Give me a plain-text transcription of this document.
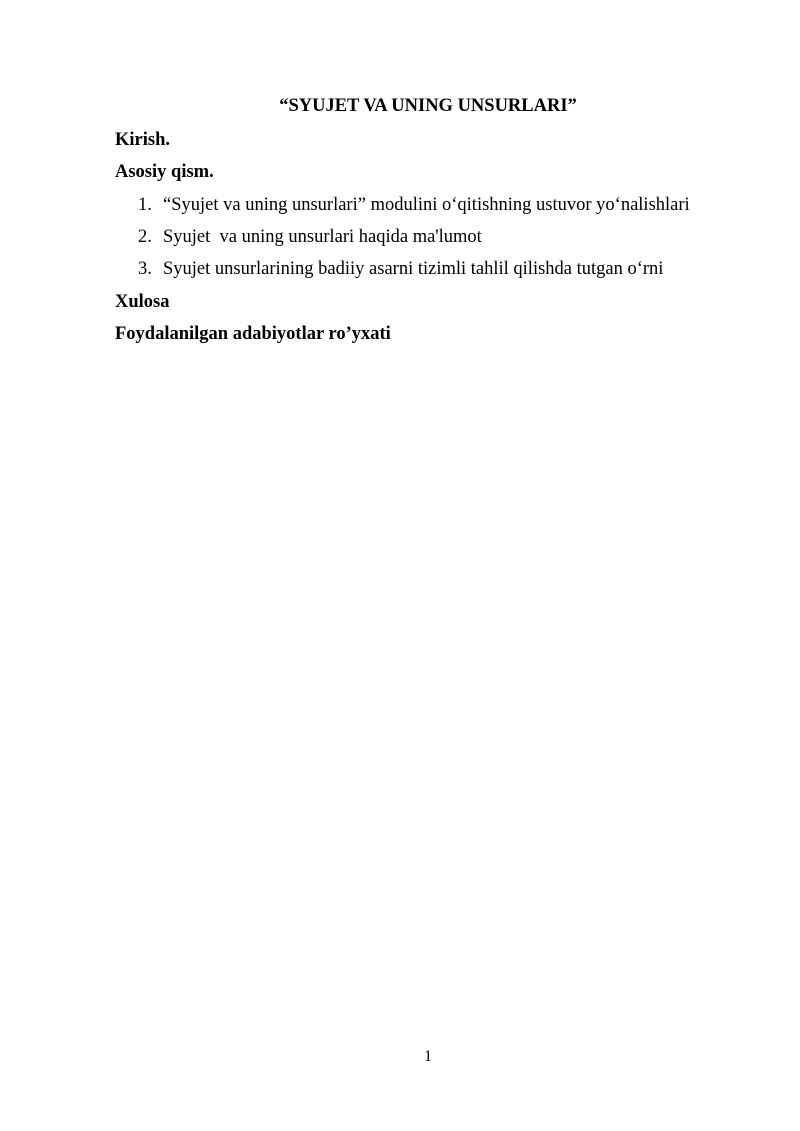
“SYUJET VA UNING UNSURLARI”
Kirish.
Asosiy qism.
1. “Syujet va uning unsurlari” modulini o‘qitishning ustuvor yo‘nalishlari
2. Syujet  va uning unsurlari haqida ma'lumot
3. Syujet unsurlarining badiiy asarni tizimli tahlil qilishda tutgan o‘rni
Xulosa
Foydalanilgan adabiyotlar ro’yxati
1
